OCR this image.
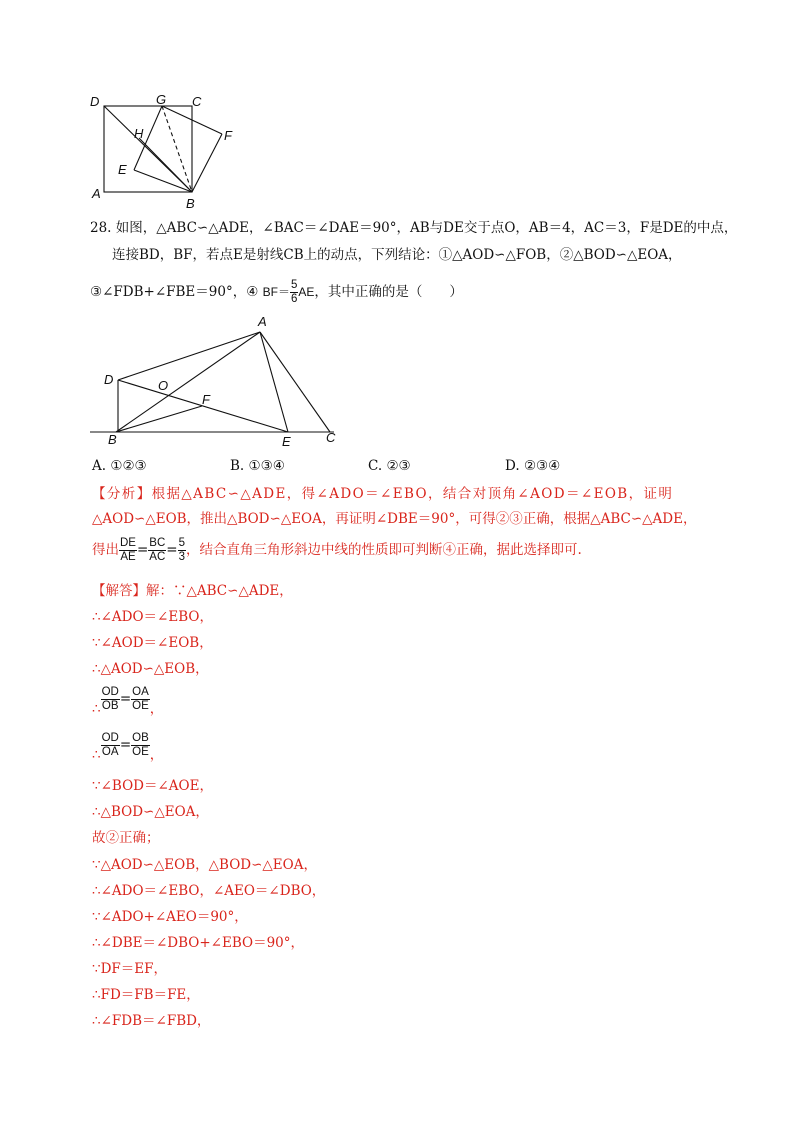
D	G C
H	F
E
A
B
28. 如图，△ABC∽△ADE，∠BAC＝∠DAE＝90°，AB与DE交于点O，AB＝4，AC＝3，F是DE的中点，
连接BD，BF，若点E是射线CB上的动点，下列结论：①△AOD∽△FOB，②△BOD∽△EOA，
③∠FDB+∠FBE＝90°，④ $BF= \frac{5}{6}$ AE，其中正确的是（　　）
A
D	O
F
B	E	C
A. ①②③	B. ①③④	C. ②③	D. ②③④
【分析】根据△ABC∽△ADE，得∠ADO＝∠EBO，结合对顶角∠AOD＝∠EOB，证明
△AOD∽△EOB，推出△BOD∽△EOA，再证明∠DBE＝90°，可得②③正确，根据△ABC∽△ADE，
得出 $\frac{DE}{AE} = \frac{BC}{AC} = \frac{5}{3}$ ，结合直角三角形斜边中线的性质即可判断④正确，据此选择即可.
【解答】解：∵△ABC∽△ADE，
∴∠ADO＝∠EBO，
∵∠AOD＝∠EOB，
∴△AOD∽△EOB，
∴ $\frac{OD}{OB} = \frac{OA}{OE}$ ，
∴ $\frac{OD}{OA} = \frac{OB}{OE}$ ，
∵∠BOD＝∠AOE，
∴△BOD∽△EOA，
故②正确；
∵△AOD∽△EOB，△BOD∽△EOA，
∴∠ADO＝∠EBO，∠AEO＝∠DBO，
∵∠ADO+∠AEO＝90°，
∴∠DBE＝∠DBO+∠EBO＝90°，
∵DF＝EF，
∴FD＝FB＝FE，
∴∠FDB＝∠FBD，
